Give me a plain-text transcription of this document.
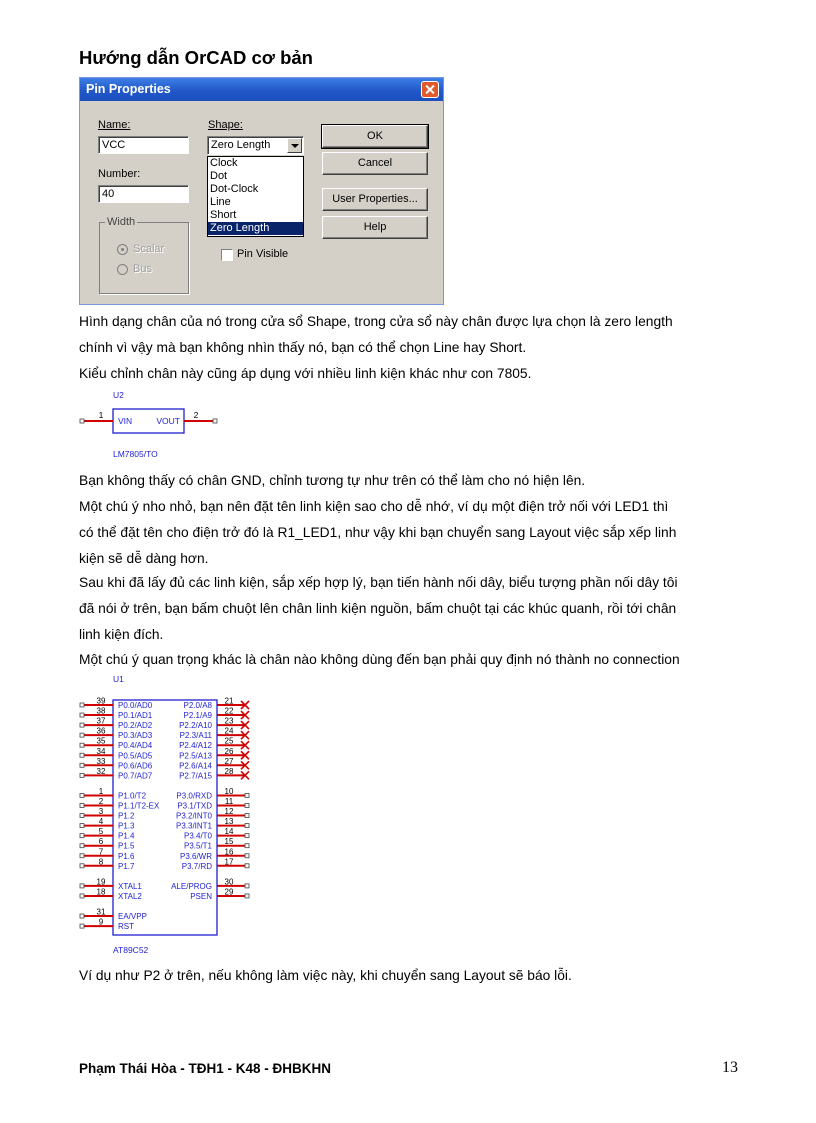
Hướng dẫn OrCAD cơ bản
Pin Properties
Name:
VCC
Number:
40
Shape:
Zero Length
Clock
Dot
Dot-Clock
Line
Short
Zero Length
Width
Scalar
Bus
Pin Visible
OK
Cancel
User Properties...
Help
Hình dạng chân của nó trong cửa sổ Shape, trong cửa sổ này chân được lựa chọn là zero length
chính vì vậy mà bạn không nhìn thấy nó, bạn có thể chọn Line hay Short.
Kiểu chỉnh chân này cũng áp dụng với nhiều linh kiện khác như con 7805.
U2
1
VIN
2
VOUT
LM7805/TO
Bạn không thấy có chân GND, chỉnh tương tự như trên có thể làm cho nó hiện lên.
Một chú ý nho nhỏ, bạn nên đặt tên linh kiện sao cho dễ nhớ, ví dụ một điện trở nối với LED1 thì
có thể đặt tên cho điện trở đó là R1_LED1, như vậy khi bạn chuyển sang Layout việc sắp xếp linh
kiện sẽ dễ dàng hơn.
Sau khi đã lấy đủ các linh kiện, sắp xếp hợp lý, bạn tiến hành nối dây, biểu tượng phần nối dây tôi
đã nói ở trên, bạn bấm chuột lên chân linh kiện nguồn, bấm chuột tại các khúc quanh, rồi tới chân
linh kiện đích.
Một chú ý quan trọng khác là chân nào không dùng đến bạn phải quy định nó thành no connection
U1
AT89C52
39 P0.0/AD0
38 P0.1/AD1
37 P0.2/AD2
36 P0.3/AD3
35 P0.4/AD4
34 P0.5/AD5
33 P0.6/AD6
32 P0.7/AD7
1 P1.0/T2
2 P1.1/T2-EX
3 P1.2
4 P1.3
5 P1.4
6 P1.5
7 P1.6
8 P1.7
19 XTAL1
18 XTAL2
31 EA/VPP
9 RST
21
P2.0/A8
22
P2.1/A9
23
P2.2/A10
24
P2.3/A11
25
P2.4/A12
26
P2.5/A13
27
P2.6/A14
28
P2.7/A15
10
P3.0/RXD
11
P3.1/TXD
12
P3.2/INT0
13
P3.3/INT1
14
P3.4/T0
15
P3.5/T1
16
P3.6/WR
17
P3.7/RD
30
ALE/PROG
29
PSEN
Ví dụ như P2 ở trên, nếu không làm việc này, khi chuyển sang Layout sẽ báo lỗi.
Phạm Thái Hòa - TĐH1 - K48 - ĐHBKHN	13
